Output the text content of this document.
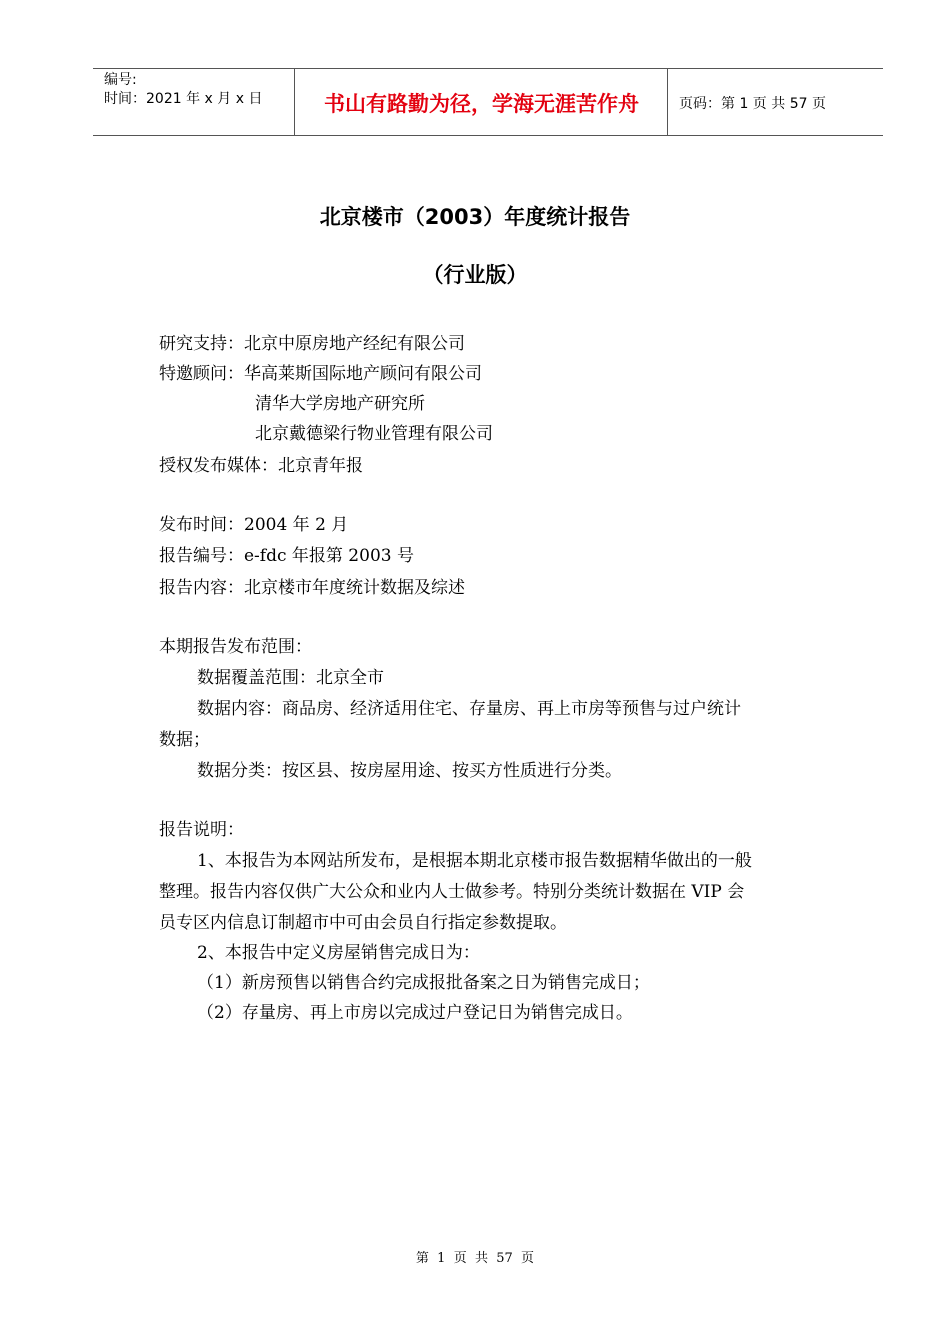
编号:
时间：2021 年 x 月 x 日	书山有路勤为径，学海无涯苦作舟	页码：第 1 页 共 57 页
北京楼市（2003）年度统计报告
（行业版）
研究支持：北京中原房地产经纪有限公司
特邀顾问：华高莱斯国际地产顾问有限公司
清华大学房地产研究所
北京戴德梁行物业管理有限公司
授权发布媒体：北京青年报
发布时间：2004 年 2 月
报告编号：e-fdc 年报第 2003 号
报告内容：北京楼市年度统计数据及综述
本期报告发布范围：
数据覆盖范围：北京全市
数据内容：商品房、经济适用住宅、存量房、再上市房等预售与过户统计
数据；
数据分类：按区县、按房屋用途、按买方性质进行分类。
报告说明：
1、本报告为本网站所发布，是根据本期北京楼市报告数据精华做出的一般
整理。报告内容仅供广大公众和业内人士做参考。特别分类统计数据在 VIP 会
员专区内信息订制超市中可由会员自行指定参数提取。
2、本报告中定义房屋销售完成日为：
（1）新房预售以销售合约完成报批备案之日为销售完成日；
（2）存量房、再上市房以完成过户登记日为销售完成日。
第  1  页  共  57  页
